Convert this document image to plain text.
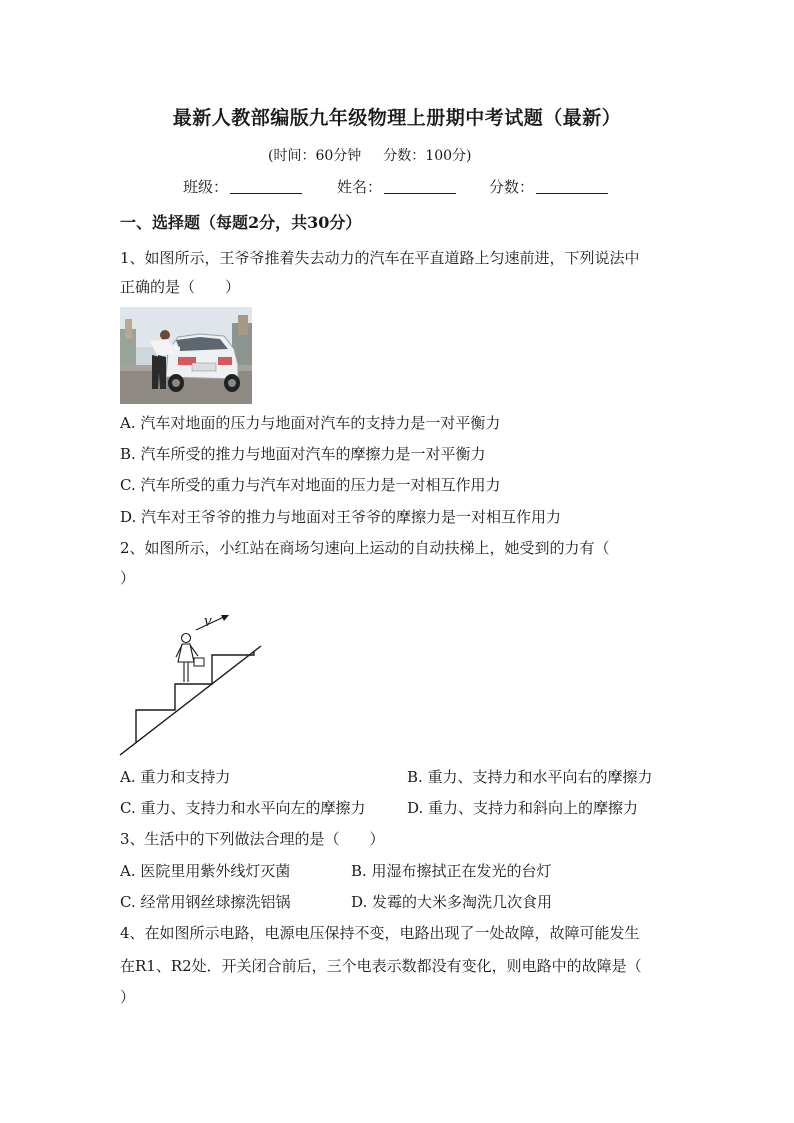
最新人教部编版九年级物理上册期中考试题（最新）
(时间：60分钟 分数：100分)
班级：	姓名：	分数：
一、选择题（每题2分，共30分）
1、如图所示，王爷爷推着失去动力的汽车在平直道路上匀速前进，下列说法中
正确的是（　　）
A. 汽车对地面的压力与地面对汽车的支持力是一对平衡力
B. 汽车所受的推力与地面对汽车的摩擦力是一对平衡力
C. 汽车所受的重力与汽车对地面的压力是一对相互作用力
D. 汽车对王爷爷的推力与地面对王爷爷的摩擦力是一对相互作用力
2、如图所示，小红站在商场匀速向上运动的自动扶梯上，她受到的力有（
）
v
A. 重力和支持力	B. 重力、支持力和水平向右的摩擦力
C. 重力、支持力和水平向左的摩擦力	D. 重力、支持力和斜向上的摩擦力
3、生活中的下列做法合理的是（　　）
A. 医院里用紫外线灯灭菌	B. 用湿布擦拭正在发光的台灯
C. 经常用钢丝球擦洗铝锅	D. 发霉的大米多淘洗几次食用
4、在如图所示电路，电源电压保持不变，电路出现了一处故障，故障可能发生
在R1、R2处．开关闭合前后，三个电表示数都没有变化，则电路中的故障是（
）
